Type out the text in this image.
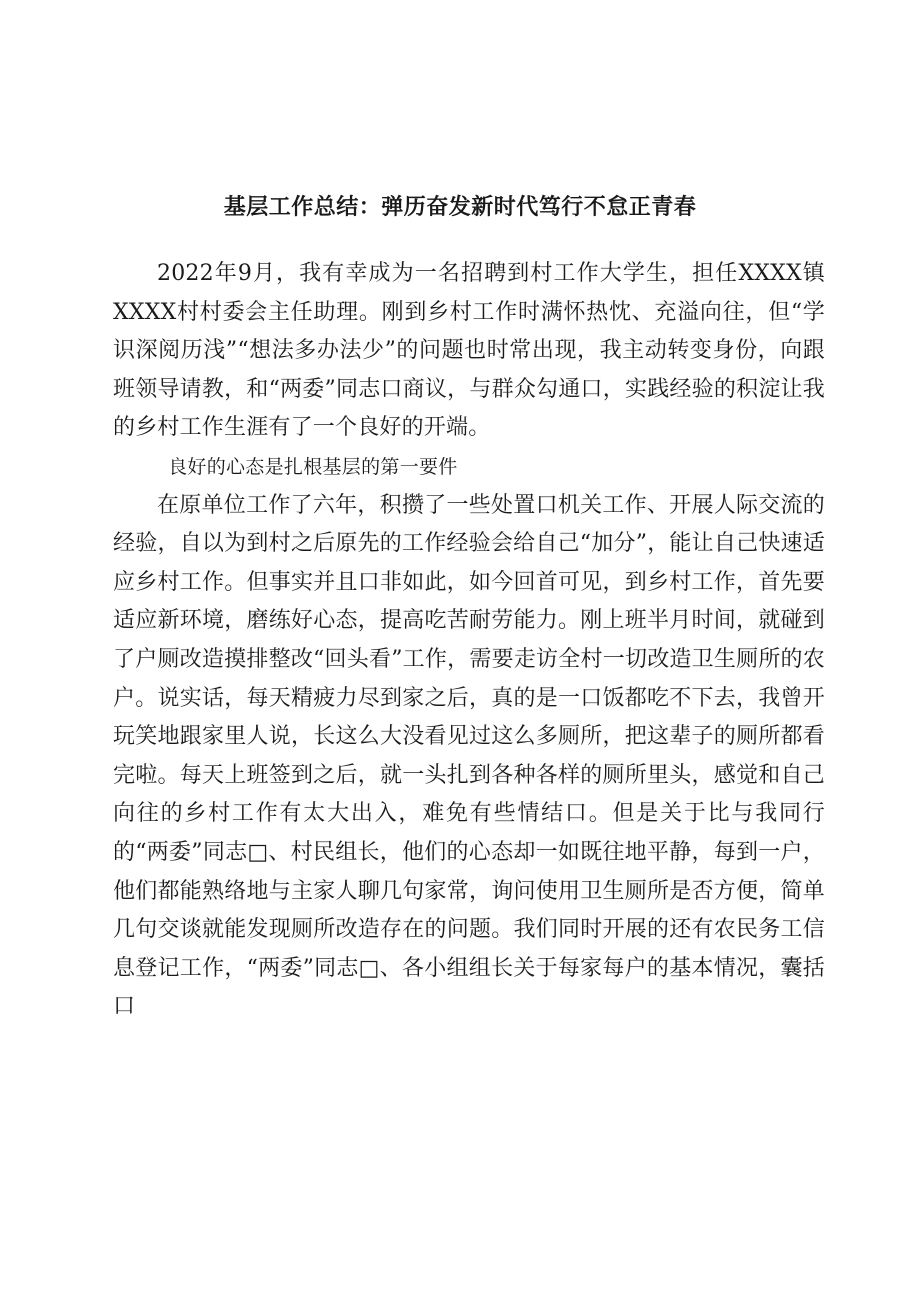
基层工作总结：弹历奋发新时代笃行不怠正青春

2022年9月，我有幸成为一名招聘到村工作大学生，担任XXXX镇XXXX村村委会主任助理。刚到乡村工作时满怀热忱、充溢向往，但“学识深阅历浅”“想法多办法少”的问题也时常出现，我主动转变身份，向跟班领导请教，和“两委”同志口商议，与群众勾通口，实践经验的积淀让我的乡村工作生涯有了一个良好的开端。

良好的心态是扎根基层的第一要件

在原单位工作了六年，积攒了一些处置口机关工作、开展人际交流的经验，自以为到村之后原先的工作经验会给自己“加分”，能让自己快速适应乡村工作。但事实并且口非如此，如今回首可见，到乡村工作，首先要适应新环境，磨练好心态，提高吃苦耐劳能力。刚上班半月时间，就碰到了户厕改造摸排整改“回头看”工作，需要走访全村一切改造卫生厕所的农户。说实话，每天精疲力尽到家之后，真的是一口饭都吃不下去，我曾开玩笑地跟家里人说，长这么大没看见过这么多厕所，把这辈子的厕所都看完啦。每天上班签到之后，就一头扎到各种各样的厕所里头，感觉和自己向往的乡村工作有太大出入，难免有些情结口。但是关于比与我同行的“两委”同志□、村民组长，他们的心态却一如既往地平静，每到一户，他们都能熟络地与主家人聊几句家常，询问使用卫生厕所是否方便，简单几句交谈就能发现厕所改造存在的问题。我们同时开展的还有农民务工信息登记工作，“两委”同志□、各小组组长关于每家每户的基本情况，囊括口
